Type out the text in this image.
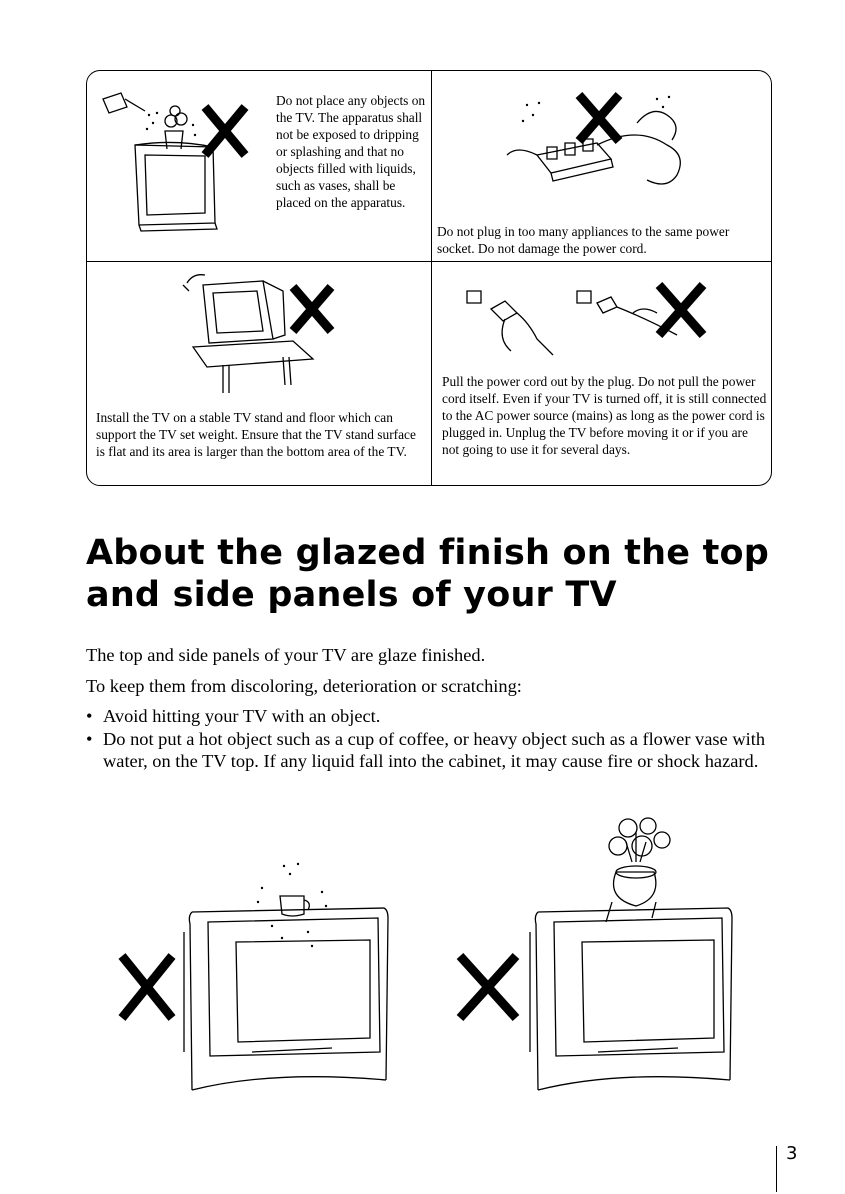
Do not place any objects on the TV. The apparatus shall not be exposed to dripping or splashing and that no objects filled with liquids, such as vases, shall be placed on the apparatus.

Do not plug in too many appliances to the same power socket. Do not damage the power cord.

Install the TV on a stable TV stand and floor which can support the TV set weight. Ensure that the TV stand surface is flat and its area is larger than the bottom area of the TV.

Pull the power cord out by the plug. Do not pull the power cord itself. Even if your TV is turned off, it is still connected to the AC power source (mains) as long as the power cord is plugged in. Unplug the TV before moving it or if you are not going to use it for several days.

About the glazed finish on the top and side panels of your TV

The top and side panels of your TV are glaze finished.

To keep them from discoloring, deterioration or scratching:

• Avoid hitting your TV with an object.
• Do not put a hot object such as a cup of coffee, or heavy object such as a flower vase with water, on the TV top. If any liquid fall into the cabinet, it may cause fire or shock hazard.

3
